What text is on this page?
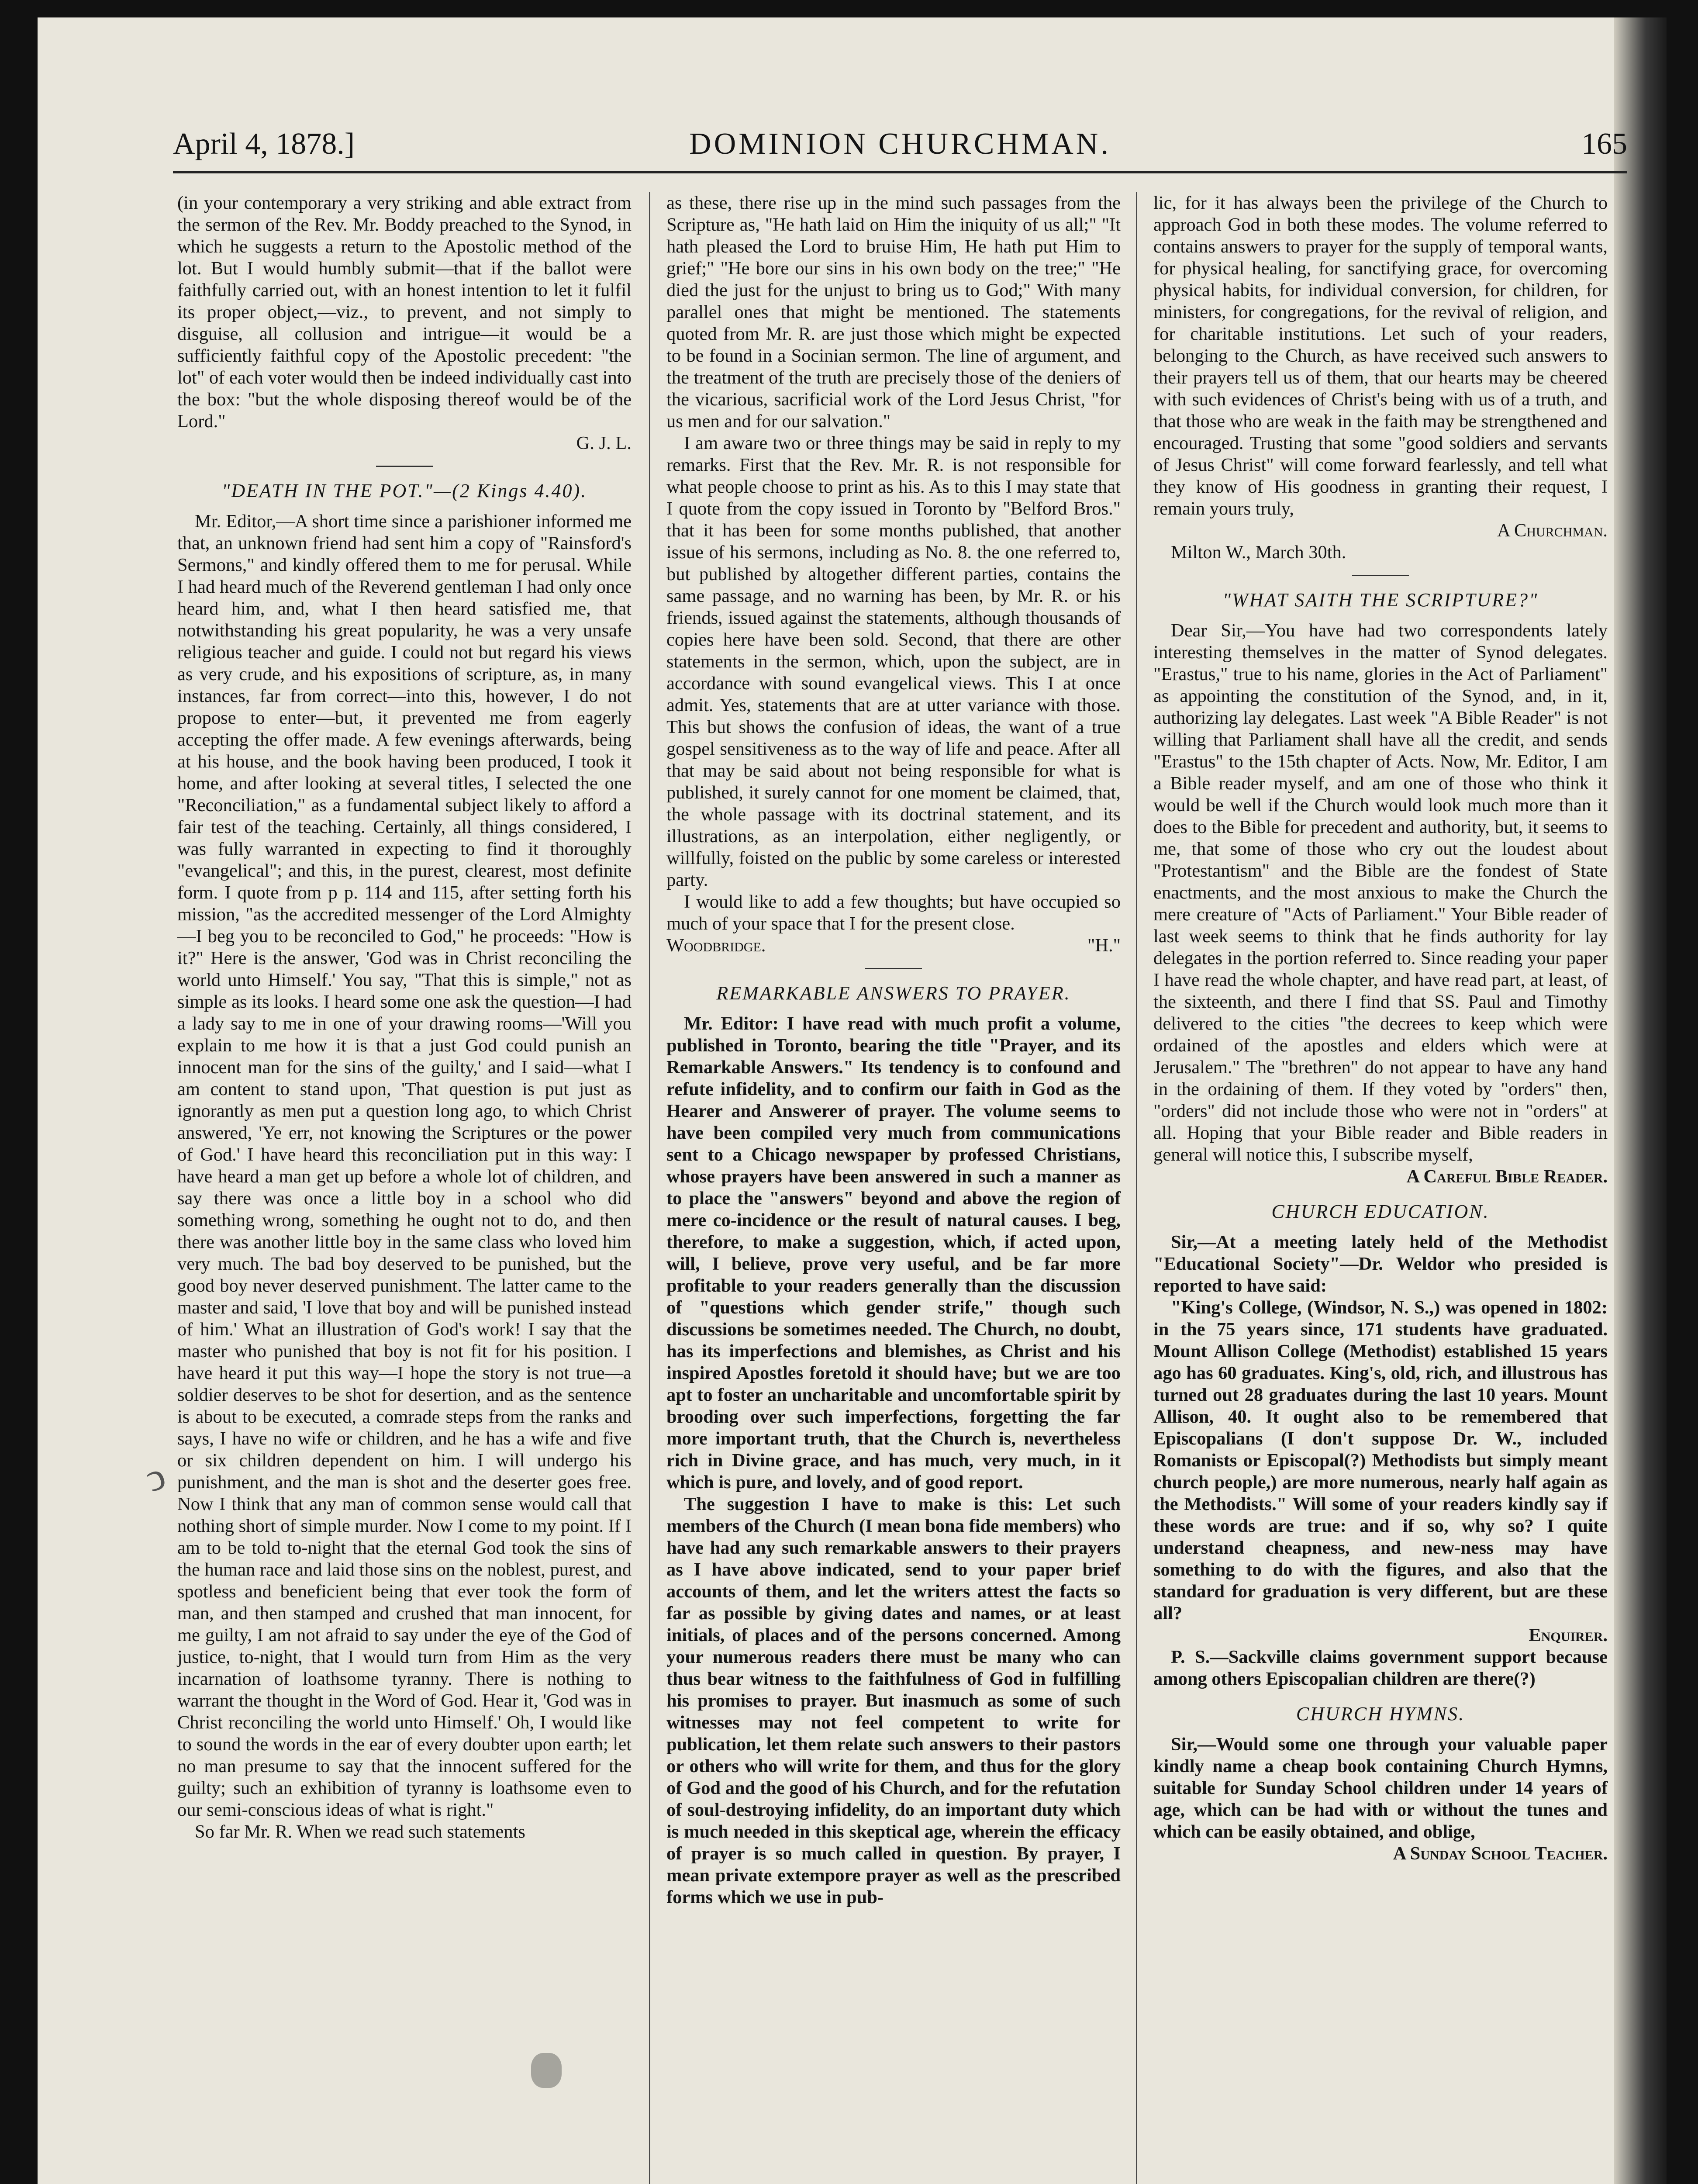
April 4, 1878.]	DOMINION CHURCHMAN.	165

(in your contemporary a very striking and able extract from the sermon of the Rev. Mr. Boddy preached to the Synod, in which he suggests a return to the Apostolic method of the lot. But I would humbly submit—that if the ballot were faithfully carried out, with an honest intention to let it fulfil its proper object,—viz., to prevent, and not simply to disguise, all collusion and intrigue—it would be a sufficiently faithful copy of the Apostolic precedent: "the lot" of each voter would then be indeed individually cast into the box: "but the whole disposing thereof would be of the Lord."

G. J. L.

"DEATH IN THE POT."—(2 Kings 4.40).

Mr. Editor,—A short time since a parishioner informed me that, an unknown friend had sent him a copy of "Rainsford's Sermons," and kindly offered them to me for perusal. While I had heard much of the Reverend gentleman I had only once heard him, and, what I then heard satisfied me, that notwithstanding his great popularity, he was a very unsafe religious teacher and guide. I could not but regard his views as very crude, and his expositions of scripture, as, in many instances, far from correct—into this, however, I do not propose to enter—but, it prevented me from eagerly accepting the offer made. A few evenings afterwards, being at his house, and the book having been produced, I took it home, and after looking at several titles, I selected the one "Reconciliation," as a fundamental subject likely to afford a fair test of the teaching. Certainly, all things considered, I was fully warranted in expecting to find it thoroughly "evangelical"; and this, in the purest, clearest, most definite form. I quote from p p. 114 and 115, after setting forth his mission, "as the accredited messenger of the Lord Almighty—I beg you to be reconciled to God," he proceeds: "How is it?" Here is the answer, 'God was in Christ reconciling the world unto Himself.' You say, "That this is simple," not as simple as its looks. I heard some one ask the question—I had a lady say to me in one of your drawing rooms—'Will you explain to me how it is that a just God could punish an innocent man for the sins of the guilty,' and I said—what I am content to stand upon, 'That question is put just as ignorantly as men put a question long ago, to which Christ answered, 'Ye err, not knowing the Scriptures or the power of God.' I have heard this reconciliation put in this way: I have heard a man get up before a whole lot of children, and say there was once a little boy in a school who did something wrong, something he ought not to do, and then there was another little boy in the same class who loved him very much. The bad boy deserved to be punished, but the good boy never deserved punishment. The latter came to the master and said, 'I love that boy and will be punished instead of him.' What an illustration of God's work! I say that the master who punished that boy is not fit for his position. I have heard it put this way—I hope the story is not true—a soldier deserves to be shot for desertion, and as the sentence is about to be executed, a comrade steps from the ranks and says, I have no wife or children, and he has a wife and five or six children dependent on him. I will undergo his punishment, and the man is shot and the deserter goes free. Now I think that any man of common sense would call that nothing short of simple murder. Now I come to my point. If I am to be told to-night that the eternal God took the sins of the human race and laid those sins on the noblest, purest, and spotless and beneficient being that ever took the form of man, and then stamped and crushed that man innocent, for me guilty, I am not afraid to say under the eye of the God of justice, to-night, that I would turn from Him as the very incarnation of loathsome tyranny. There is nothing to warrant the thought in the Word of God. Hear it, 'God was in Christ reconciling the world unto Himself.' Oh, I would like to sound the words in the ear of every doubter upon earth; let no man presume to say that the innocent suffered for the guilty; such an exhibition of tyranny is loathsome even to our semi-conscious ideas of what is right."

So far Mr. R. When we read such statements

as these, there rise up in the mind such passages from the Scripture as, "He hath laid on Him the iniquity of us all;" "It hath pleased the Lord to bruise Him, He hath put Him to grief;" "He bore our sins in his own body on the tree;" "He died the just for the unjust to bring us to God;" With many parallel ones that might be mentioned. The statements quoted from Mr. R. are just those which might be expected to be found in a Socinian sermon. The line of argument, and the treatment of the truth are precisely those of the deniers of the vicarious, sacrificial work of the Lord Jesus Christ, "for us men and for our salvation."

I am aware two or three things may be said in reply to my remarks. First that the Rev. Mr. R. is not responsible for what people choose to print as his. As to this I may state that I quote from the copy issued in Toronto by "Belford Bros." that it has been for some months published, that another issue of his sermons, including as No. 8. the one referred to, but published by altogether different parties, contains the same passage, and no warning has been, by Mr. R. or his friends, issued against the statements, although thousands of copies here have been sold. Second, that there are other statements in the sermon, which, upon the subject, are in accordance with sound evangelical views. This I at once admit. Yes, statements that are at utter variance with those. This but shows the confusion of ideas, the want of a true gospel sensitiveness as to the way of life and peace. After all that may be said about not being responsible for what is published, it surely cannot for one moment be claimed, that, the whole passage with its doctrinal statement, and its illustrations, as an interpolation, either negligently, or willfully, foisted on the public by some careless or interested party.

I would like to add a few thoughts; but have occupied so much of your space that I for the present close.

Woodbridge.	"H."
REMARKABLE ANSWERS TO PRAYER.

Mr. Editor: I have read with much profit a volume, published in Toronto, bearing the title "Prayer, and its Remarkable Answers." Its tendency is to confound and refute infidelity, and to confirm our faith in God as the Hearer and Answerer of prayer. The volume seems to have been compiled very much from communications sent to a Chicago newspaper by professed Christians, whose prayers have been answered in such a manner as to place the "answers" beyond and above the region of mere co-incidence or the result of natural causes. I beg, therefore, to make a suggestion, which, if acted upon, will, I believe, prove very useful, and be far more profitable to your readers generally than the discussion of "questions which gender strife," though such discussions be sometimes needed. The Church, no doubt, has its imperfections and blemishes, as Christ and his inspired Apostles foretold it should have; but we are too apt to foster an uncharitable and uncomfortable spirit by brooding over such imperfections, forgetting the far more important truth, that the Church is, nevertheless rich in Divine grace, and has much, very much, in it which is pure, and lovely, and of good report.

The suggestion I have to make is this: Let such members of the Church (I mean bona fide members) who have had any such remarkable answers to their prayers as I have above indicated, send to your paper brief accounts of them, and let the writers attest the facts so far as possible by giving dates and names, or at least initials, of places and of the persons concerned. Among your numerous readers there must be many who can thus bear witness to the faithfulness of God in fulfilling his promises to prayer. But inasmuch as some of such witnesses may not feel competent to write for publication, let them relate such answers to their pastors or others who will write for them, and thus for the glory of God and the good of his Church, and for the refutation of soul-destroying infidelity, do an important duty which is much needed in this skeptical age, wherein the efficacy of prayer is so much called in question. By prayer, I mean private extempore prayer as well as the prescribed forms which we use in pub-

lic, for it has always been the privilege of the Church to approach God in both these modes. The volume referred to contains answers to prayer for the supply of temporal wants, for physical healing, for sanctifying grace, for overcoming physical habits, for individual conversion, for children, for ministers, for congregations, for the revival of religion, and for charitable institutions. Let such of your readers, belonging to the Church, as have received such answers to their prayers tell us of them, that our hearts may be cheered with such evidences of Christ's being with us of a truth, and that those who are weak in the faith may be strengthened and encouraged. Trusting that some "good soldiers and servants of Jesus Christ" will come forward fearlessly, and tell what they know of His goodness in granting their request, I remain yours truly,

A Churchman.

Milton W., March 30th.

"WHAT SAITH THE SCRIPTURE?"

Dear Sir,—You have had two correspondents lately interesting themselves in the matter of Synod delegates. "Erastus," true to his name, glories in the Act of Parliament" as appointing the constitution of the Synod, and, in it, authorizing lay delegates. Last week "A Bible Reader" is not willing that Parliament shall have all the credit, and sends "Erastus" to the 15th chapter of Acts. Now, Mr. Editor, I am a Bible reader myself, and am one of those who think it would be well if the Church would look much more than it does to the Bible for precedent and authority, but, it seems to me, that some of those who cry out the loudest about "Protestantism" and the Bible are the fondest of State enactments, and the most anxious to make the Church the mere creature of "Acts of Parliament." Your Bible reader of last week seems to think that he finds authority for lay delegates in the portion referred to. Since reading your paper I have read the whole chapter, and have read part, at least, of the sixteenth, and there I find that SS. Paul and Timothy delivered to the cities "the decrees to keep which were ordained of the apostles and elders which were at Jerusalem." The "brethren" do not appear to have any hand in the ordaining of them. If they voted by "orders" then, "orders" did not include those who were not in "orders" at all. Hoping that your Bible reader and Bible readers in general will notice this, I subscribe myself,

A Careful Bible Reader.

CHURCH EDUCATION.

Sir,—At a meeting lately held of the Methodist "Educational Society"—Dr. Weldor who presided is reported to have said:

"King's College, (Windsor, N. S.,) was opened in 1802: in the 75 years since, 171 students have graduated. Mount Allison College (Methodist) established 15 years ago has 60 graduates. King's, old, rich, and illustrous has turned out 28 graduates during the last 10 years. Mount Allison, 40. It ought also to be remembered that Episcopalians (I don't suppose Dr. W., included Romanists or Episcopal(?) Methodists but simply meant church people,) are more numerous, nearly half again as the Methodists." Will some of your readers kindly say if these words are true: and if so, why so? I quite understand cheapness, and new-ness may have something to do with the figures, and also that the standard for graduation is very different, but are these all?

Enquirer.

P. S.—Sackville claims government support because among others Episcopalian children are there(?)

CHURCH HYMNS.

Sir,—Would some one through your valuable paper kindly name a cheap book containing Church Hymns, suitable for Sunday School children under 14 years of age, which can be had with or without the tunes and which can be easily obtained, and oblige,

A Sunday School Teacher.

ↄ
